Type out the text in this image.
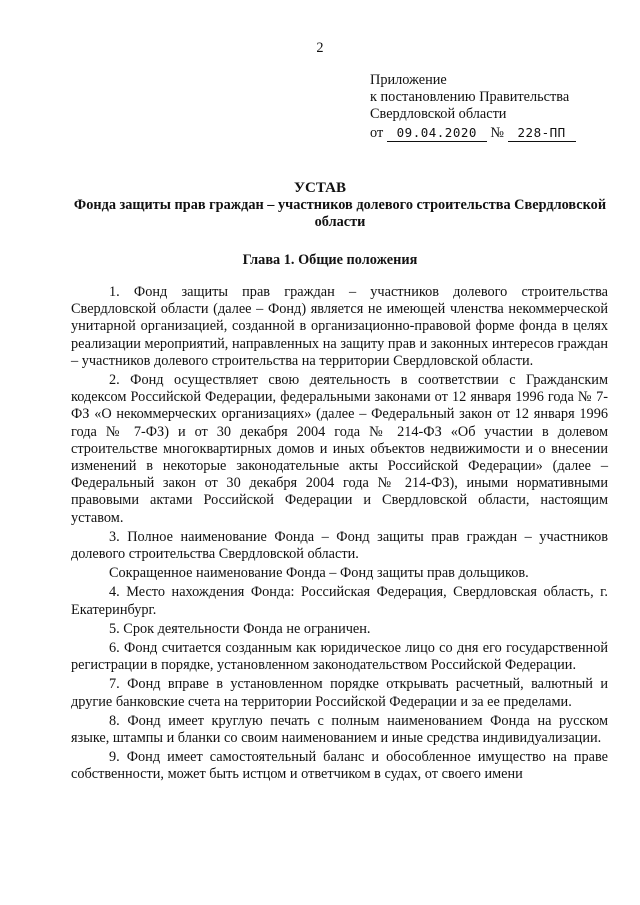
2
Приложение
к постановлению Правительства
Свердловской области
от 09.04.2020 № 228-ПП
УСТАВ
Фонда защиты прав граждан – участников долевого строительства Свердловской области
Глава 1. Общие положения

1. Фонд защиты прав граждан – участников долевого строительства Свердловской области (далее – Фонд) является не имеющей членства некоммерческой унитарной организацией, созданной в организационно-правовой форме фонда в целях реализации мероприятий, направленных на защиту прав и законных интересов граждан – участников долевого строительства на территории Свердловской области.

2. Фонд осуществляет свою деятельность в соответствии с Гражданским кодексом Российской Федерации, федеральными законами от 12 января 1996 года № 7-ФЗ «О некоммерческих организациях» (далее – Федеральный закон от 12 января 1996 года № 7-ФЗ) и от 30 декабря 2004 года № 214-ФЗ «Об участии в долевом строительстве многоквартирных домов и иных объектов недвижимости и о внесении изменений в некоторые законодательные акты Российской Федерации» (далее – Федеральный закон от 30 декабря 2004 года № 214-ФЗ), иными нормативными правовыми актами Российской Федерации и Свердловской области, настоящим уставом.

3. Полное наименование Фонда – Фонд защиты прав граждан – участников долевого строительства Свердловской области.

Сокращенное наименование Фонда – Фонд защиты прав дольщиков.

4. Место нахождения Фонда: Российская Федерация, Свердловская область, г. Екатеринбург.

5. Срок деятельности Фонда не ограничен.

6. Фонд считается созданным как юридическое лицо со дня его государственной регистрации в порядке, установленном законодательством Российской Федерации.

7. Фонд вправе в установленном порядке открывать расчетный, валютный и другие банковские счета на территории Российской Федерации и за ее пределами.

8. Фонд имеет круглую печать с полным наименованием Фонда на русском языке, штампы и бланки со своим наименованием и иные средства индивидуализации.

9. Фонд имеет самостоятельный баланс и обособленное имущество на праве собственности, может быть истцом и ответчиком в судах, от своего имени
